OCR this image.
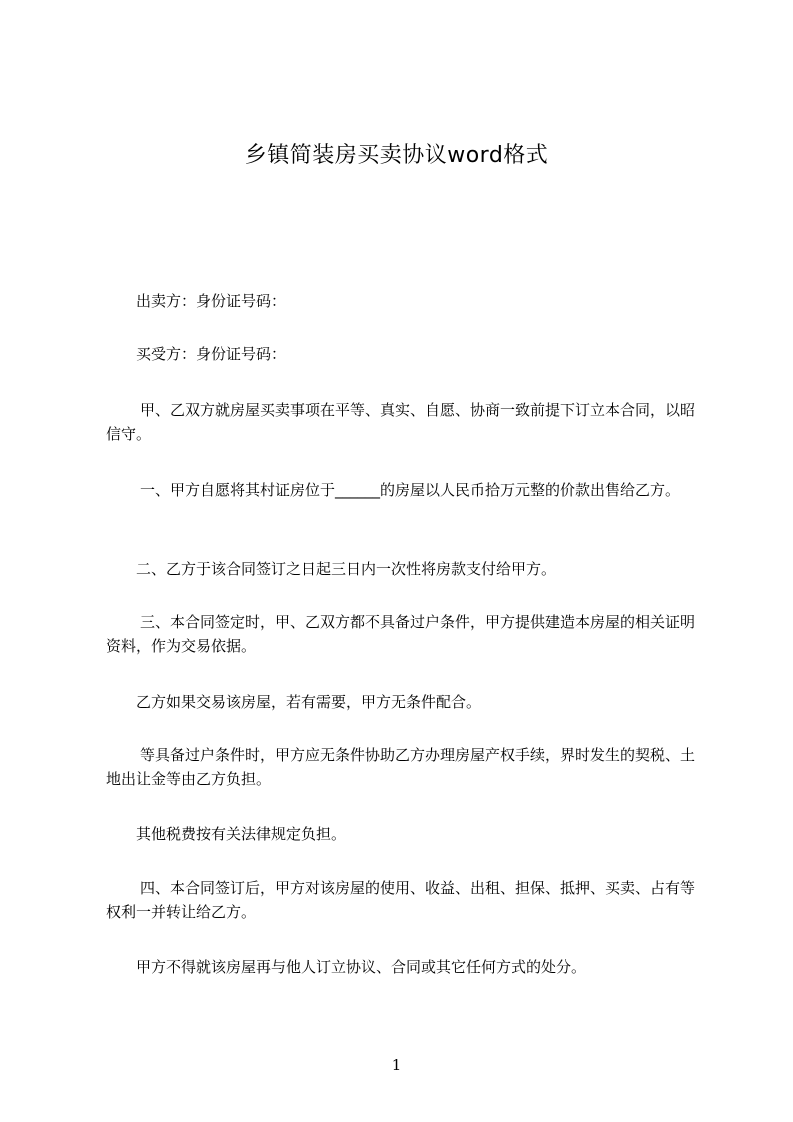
乡镇简装房买卖协议word格式

出卖方：身份证号码：

买受方：身份证号码：

甲、乙双方就房屋买卖事项在平等、真实、自愿、协商一致前提下订立本合同，以昭信守。

一、甲方自愿将其村证房位于______的房屋以人民币拾万元整的价款出售给乙方。

二、乙方于该合同签订之日起三日内一次性将房款支付给甲方。

三、本合同签定时，甲、乙双方都不具备过户条件，甲方提供建造本房屋的相关证明资料，作为交易依据。

乙方如果交易该房屋，若有需要，甲方无条件配合。

等具备过户条件时，甲方应无条件协助乙方办理房屋产权手续，界时发生的契税、土地出让金等由乙方负担。

其他税费按有关法律规定负担。

四、本合同签订后，甲方对该房屋的使用、收益、出租、担保、抵押、买卖、占有等权利一并转让给乙方。

甲方不得就该房屋再与他人订立协议、合同或其它任何方式的处分。

1
